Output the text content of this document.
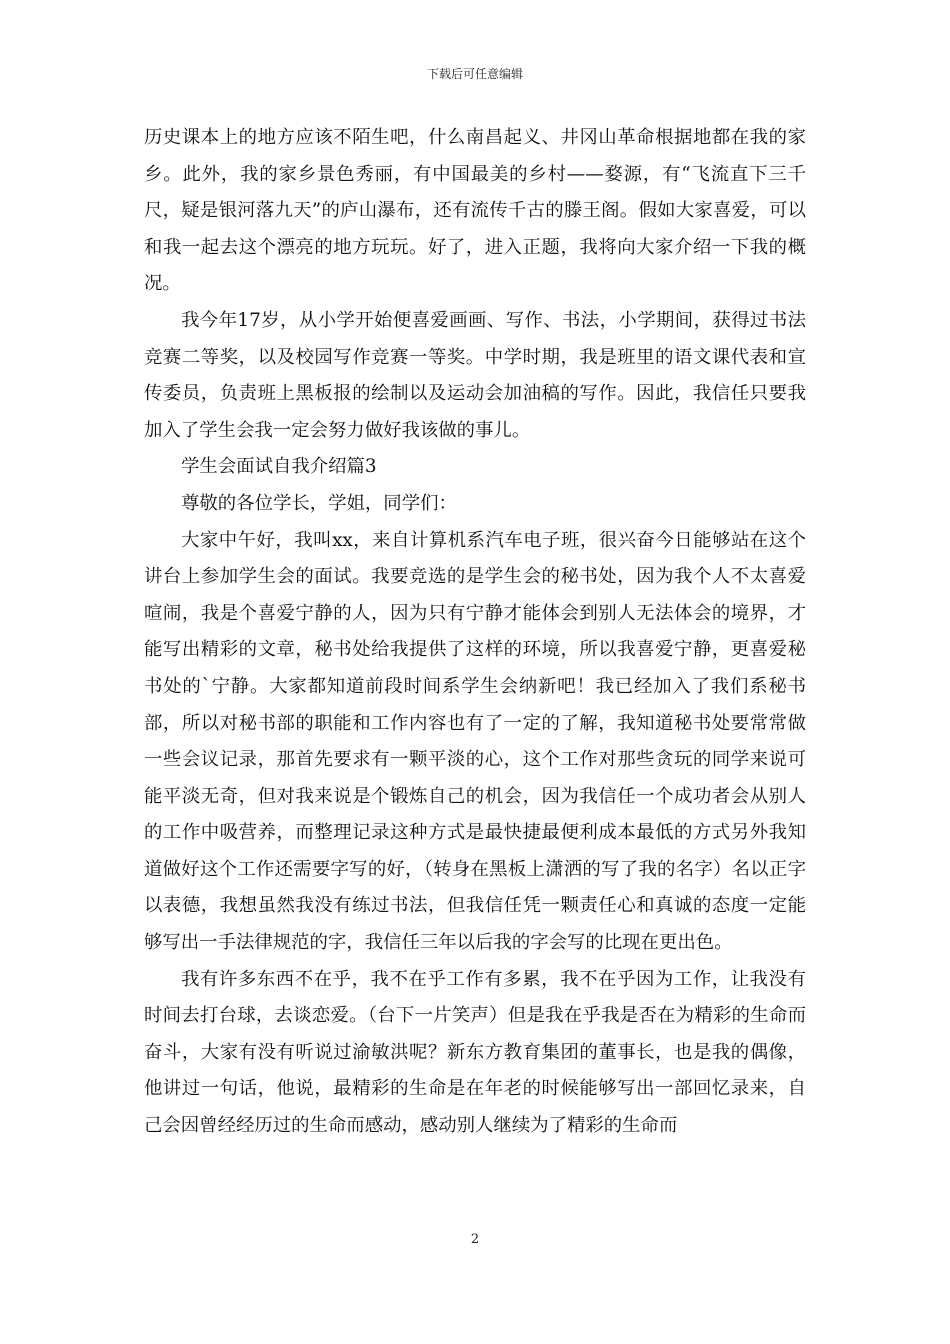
下载后可任意编辑

历史课本上的地方应该不陌生吧，什么南昌起义、井冈山革命根据地都在我的家乡。此外，我的家乡景色秀丽，有中国最美的乡村——婺源，有“飞流直下三千尺，疑是银河落九天”的庐山瀑布，还有流传千古的滕王阁。假如大家喜爱，可以和我一起去这个漂亮的地方玩玩。好了，进入正题，我将向大家介绍一下我的概况。

我今年17岁，从小学开始便喜爱画画、写作、书法，小学期间，获得过书法竞赛二等奖，以及校园写作竞赛一等奖。中学时期，我是班里的语文课代表和宣传委员，负责班上黑板报的绘制以及运动会加油稿的写作。因此，我信任只要我加入了学生会我一定会努力做好我该做的事儿。

学生会面试自我介绍篇3

尊敬的各位学长，学姐，同学们：

大家中午好，我叫xx，来自计算机系汽车电子班，很兴奋今日能够站在这个讲台上参加学生会的面试。我要竞选的是学生会的秘书处，因为我个人不太喜爱喧闹，我是个喜爱宁静的人，因为只有宁静才能体会到别人无法体会的境界，才能写出精彩的文章，秘书处给我提供了这样的环境，所以我喜爱宁静，更喜爱秘书处的`宁静。大家都知道前段时间系学生会纳新吧！我已经加入了我们系秘书部，所以对秘书部的职能和工作内容也有了一定的了解，我知道秘书处要常常做一些会议记录，那首先要求有一颗平淡的心，这个工作对那些贪玩的同学来说可能平淡无奇，但对我来说是个锻炼自己的机会，因为我信任一个成功者会从别人的工作中吸营养，而整理记录这种方式是最快捷最便利成本最低的方式另外我知道做好这个工作还需要字写的好，（转身在黑板上潇洒的写了我的名字）名以正字以表德，我想虽然我没有练过书法，但我信任凭一颗责任心和真诚的态度一定能够写出一手法律规范的字，我信任三年以后我的字会写的比现在更出色。

我有许多东西不在乎，我不在乎工作有多累，我不在乎因为工作，让我没有时间去打台球，去谈恋爱。（台下一片笑声）但是我在乎我是否在为精彩的生命而奋斗，大家有没有听说过渝敏洪呢？新东方教育集团的董事长，也是我的偶像，他讲过一句话，他说，最精彩的生命是在年老的时候能够写出一部回忆录来，自己会因曾经经历过的生命而感动，感动别人继续为了精彩的生命而

2
